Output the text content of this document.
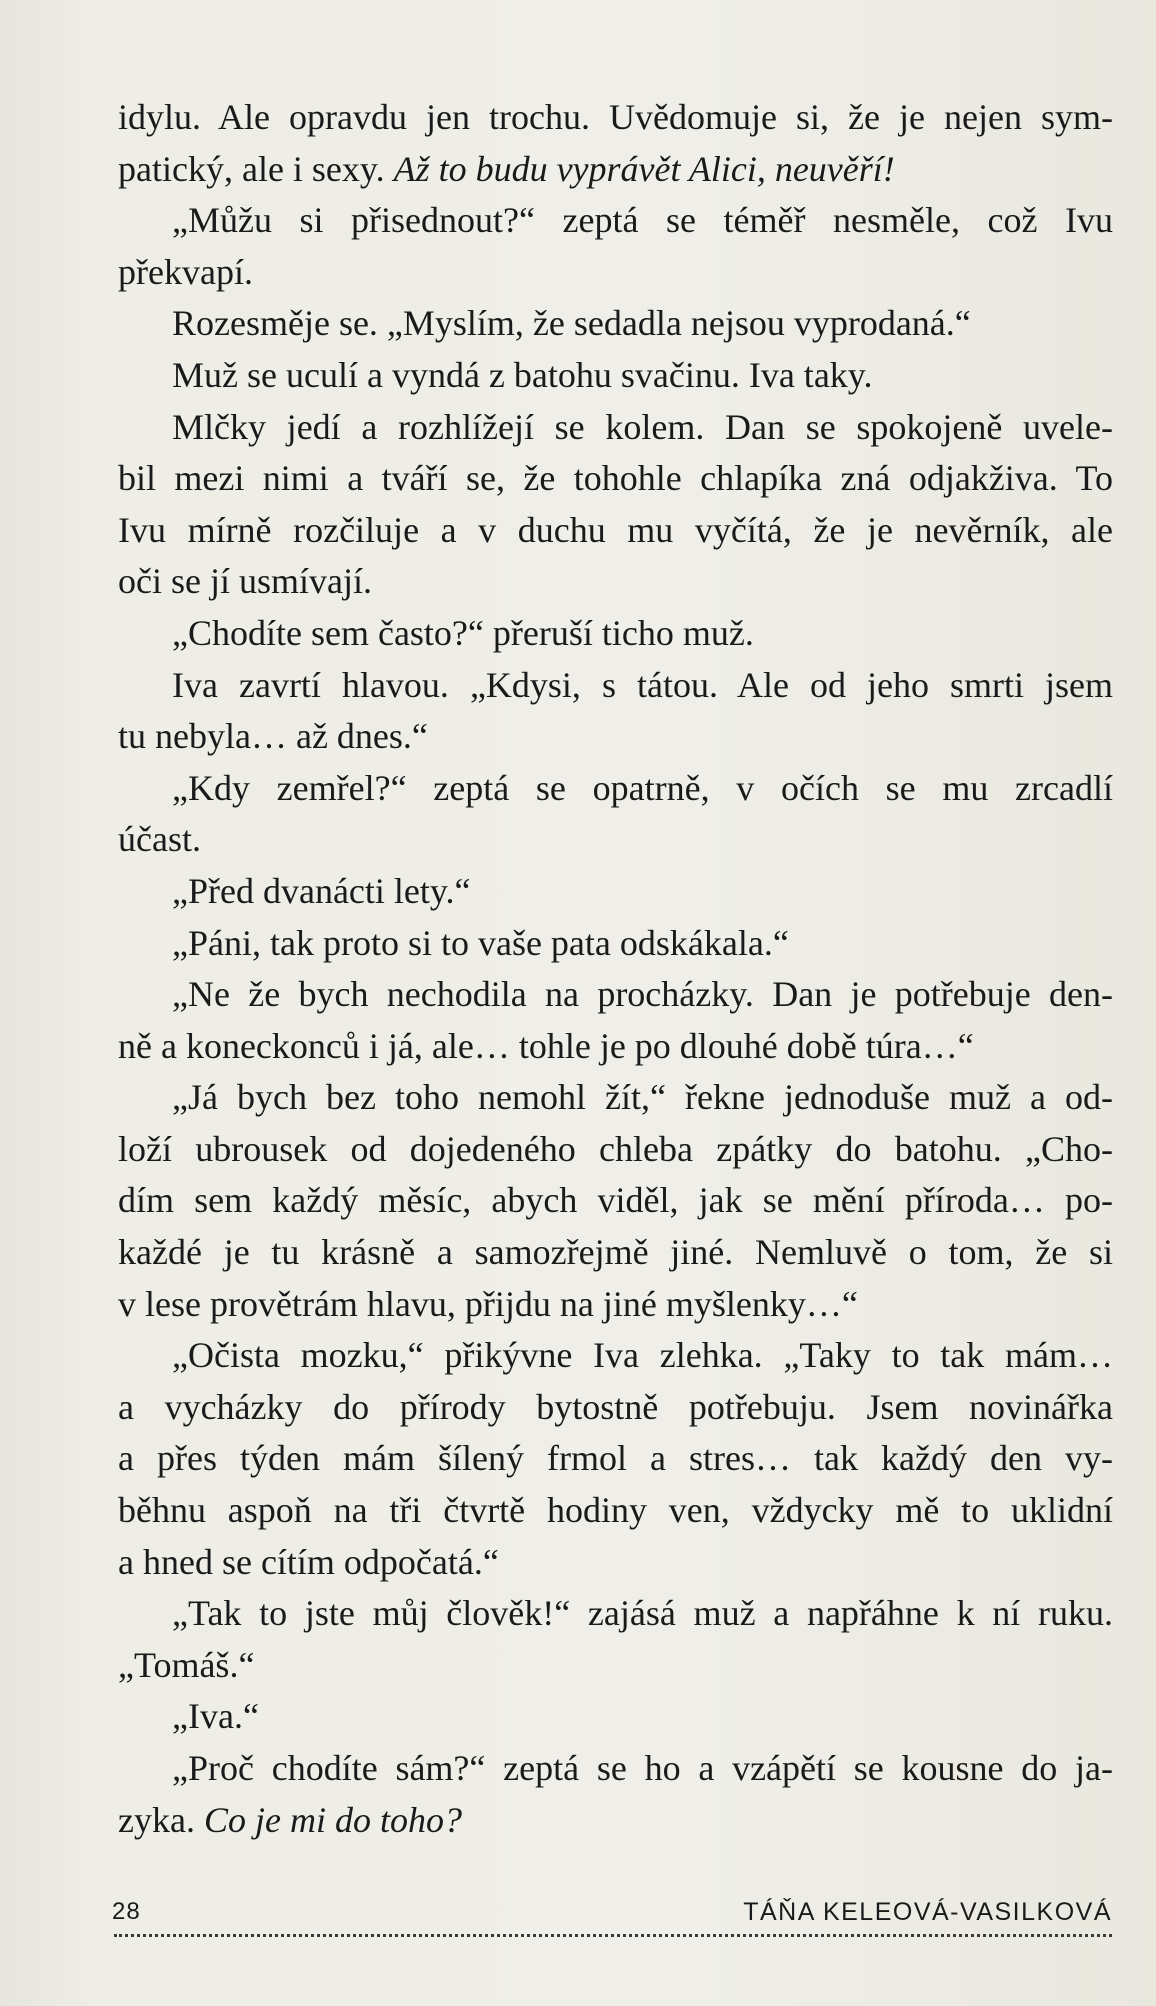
idylu. Ale opravdu jen trochu. Uvědomuje si, že je nejen sym-
patický, ale i sexy. Až to budu vyprávět Alici, neuvěří!
„Můžu si přisednout?“ zeptá se téměř nesměle, což Ivu
překvapí.
Rozesměje se. „Myslím, že sedadla nejsou vyprodaná.“
Muž se uculí a vyndá z batohu svačinu. Iva taky.
Mlčky jedí a rozhlížejí se kolem. Dan se spokojeně uvele-
bil mezi nimi a tváří se, že tohohle chlapíka zná odjakživa. To
Ivu mírně rozčiluje a v duchu mu vyčítá, že je nevěrník, ale
oči se jí usmívají.
„Chodíte sem často?“ přeruší ticho muž.
Iva zavrtí hlavou. „Kdysi, s tátou. Ale od jeho smrti jsem
tu nebyla… až dnes.“
„Kdy zemřel?“ zeptá se opatrně, v očích se mu zrcadlí
účast.
„Před dvanácti lety.“
„Páni, tak proto si to vaše pata odskákala.“
„Ne že bych nechodila na procházky. Dan je potřebuje den-
ně a koneckonců i já, ale… tohle je po dlouhé době túra…“
„Já bych bez toho nemohl žít,“ řekne jednoduše muž a od-
loží ubrousek od dojedeného chleba zpátky do batohu. „Cho-
dím sem každý měsíc, abych viděl, jak se mění příroda… po-
každé je tu krásně a samozřejmě jiné. Nemluvě o tom, že si
v lese provětrám hlavu, přijdu na jiné myšlenky…“
„Očista mozku,“ přikývne Iva zlehka. „Taky to tak mám…
a vycházky do přírody bytostně potřebuju. Jsem novinářka
a přes týden mám šílený frmol a stres… tak každý den vy-
běhnu aspoň na tři čtvrtě hodiny ven, vždycky mě to uklidní
a hned se cítím odpočatá.“
„Tak to jste můj člověk!“ zajásá muž a napřáhne k ní ruku.
„Tomáš.“
„Iva.“
„Proč chodíte sám?“ zeptá se ho a vzápětí se kousne do ja-
zyka. Co je mi do toho?
28	TÁŇA KELEOVÁ-VASILKOVÁ
